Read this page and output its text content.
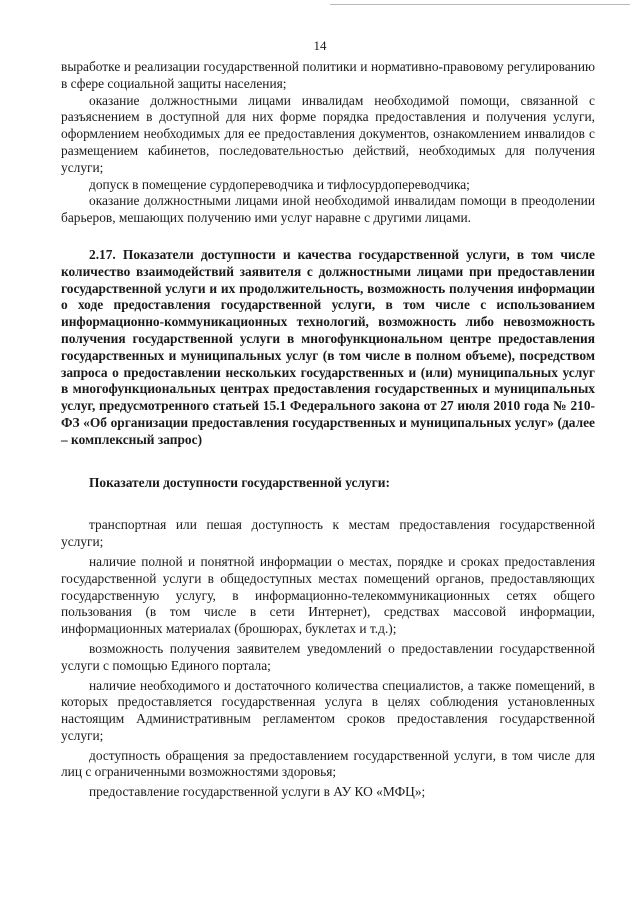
14

выработке и реализации государственной политики и нормативно-правовому регулированию в сфере социальной защиты населения;

оказание должностными лицами инвалидам необходимой помощи, связанной с разъяснением в доступной для них форме порядка предоставления и получения услуги, оформлением необходимых для ее предоставления документов, ознакомлением инвалидов с размещением кабинетов, последовательностью действий, необходимых для получения услуги;

допуск в помещение сурдопереводчика и тифлосурдопереводчика;

оказание должностными лицами иной необходимой инвалидам помощи в преодолении барьеров, мешающих получению ими услуг наравне с другими лицами.

2.17. Показатели доступности и качества государственной услуги, в том числе количество взаимодействий заявителя с должностными лицами при предоставлении государственной услуги и их продолжительность, возможность получения информации о ходе предоставления государственной услуги, в том числе с использованием информационно-коммуникационных технологий, возможность либо невозможность получения государственной услуги в многофункциональном центре предоставления государственных и муниципальных услуг (в том числе в полном объеме), посредством запроса о предоставлении нескольких государственных и (или) муниципальных услуг в многофункциональных центрах предоставления государственных и муниципальных услуг, предусмотренного статьей 15.1 Федерального закона от 27 июля 2010 года № 210-ФЗ «Об организации предоставления государственных и муниципальных услуг» (далее – комплексный запрос)

Показатели доступности государственной услуги:

транспортная или пешая доступность к местам предоставления государственной услуги;

наличие полной и понятной информации о местах, порядке и сроках предоставления государственной услуги в общедоступных местах помещений органов, предоставляющих государственную услугу, в информационно-телекоммуникационных сетях общего пользования (в том числе в сети Интернет), средствах массовой информации, информационных материалах (брошюрах, буклетах и т.д.);

возможность получения заявителем уведомлений о предоставлении государственной услуги с помощью Единого портала;

наличие необходимого и достаточного количества специалистов, а также помещений, в которых предоставляется государственная услуга в целях соблюдения установленных настоящим Административным регламентом сроков предоставления государственной услуги;

доступность обращения за предоставлением государственной услуги, в том числе для лиц с ограниченными возможностями здоровья;

предоставление государственной услуги в АУ КО «МФЦ»;
